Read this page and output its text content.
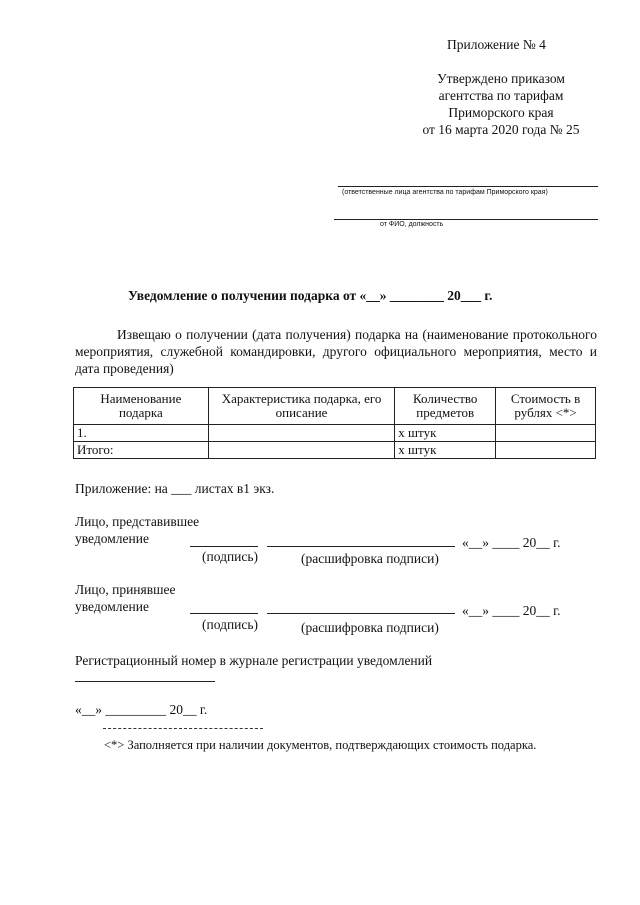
Приложение № 4
Утверждено приказом
агентства по тарифам
Приморского края
от 16 марта 2020 года № 25
(ответственные лица агентства по тарифам Приморского края)
от ФИО, должность
Уведомление о получении подарка от «__» ________ 20___ г.
Извещаю о получении (дата получения) подарка на (наименование протокольного мероприятия, служебной командировки, другого официального мероприятия, место и дата проведения)
Наименование подарка	Характеристика подарка, его описание	Количество предметов	Стоимость в рублях <*>
1.		х штук	
Итого:		х штук	
Приложение: на ___ листах в1 экз.
Лицо, представившее
уведомление	«__» ____ 20__ г.
(подпись)	(расшифровка подписи)
Лицо, принявшее
уведомление	«__» ____ 20__ г.
(подпись)	(расшифровка подписи)
Регистрационный номер в журнале регистрации уведомлений
«__» _________ 20__ г.
<*> Заполняется при наличии документов, подтверждающих стоимость подарка.
